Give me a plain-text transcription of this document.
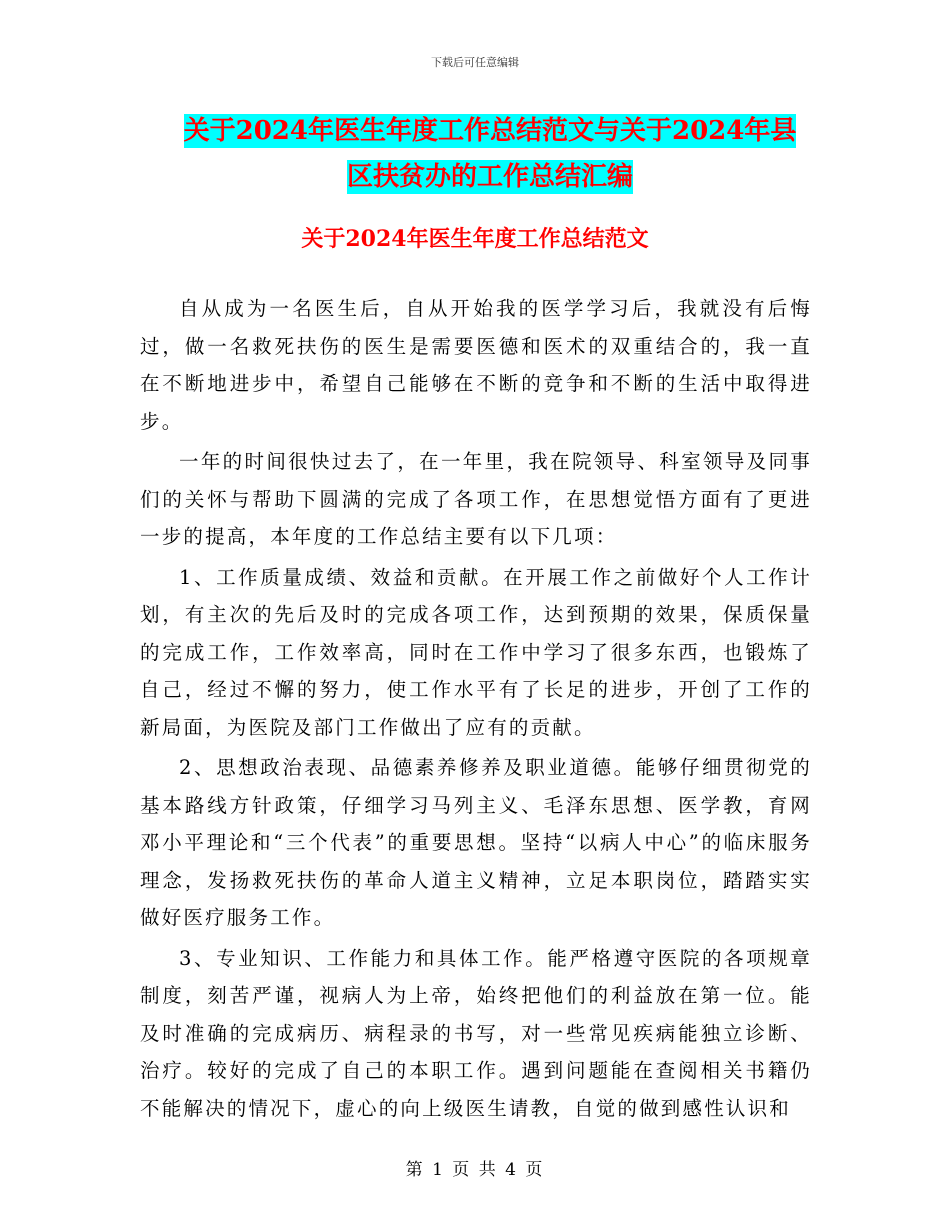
下载后可任意编辑
关于2024年医生年度工作总结范文与关于2024年县
区扶贫办的工作总结汇编
关于2024年医生年度工作总结范文

自从成为一名医生后，自从开始我的医学学习后，我就没有后悔过，做一名救死扶伤的医生是需要医德和医术的双重结合的，我一直在不断地进步中，希望自己能够在不断的竞争和不断的生活中取得进步。

一年的时间很快过去了，在一年里，我在院领导、科室领导及同事们的关怀与帮助下圆满的完成了各项工作，在思想觉悟方面有了更进一步的提高，本年度的工作总结主要有以下几项：

1、工作质量成绩、效益和贡献。在开展工作之前做好个人工作计划，有主次的先后及时的完成各项工作，达到预期的效果，保质保量的完成工作，工作效率高，同时在工作中学习了很多东西，也锻炼了自己，经过不懈的努力，使工作水平有了长足的进步，开创了工作的新局面，为医院及部门工作做出了应有的贡献。

2、思想政治表现、品德素养修养及职业道德。能够仔细贯彻党的基本路线方针政策，仔细学习马列主义、毛泽东思想、医学教，育网邓小平理论和“三个代表”的重要思想。坚持“以病人中心”的临床服务理念，发扬救死扶伤的革命人道主义精神，立足本职岗位，踏踏实实做好医疗服务工作。

3、专业知识、工作能力和具体工作。能严格遵守医院的各项规章制度，刻苦严谨，视病人为上帝，始终把他们的利益放在第一位。能及时准确的完成病历、病程录的书写，对一些常见疾病能独立诊断、治疗。较好的完成了自己的本职工作。遇到问题能在查阅相关书籍仍不能解决的情况下，虚心的向上级医生请教，自觉的做到感性认识和

第 1 页 共 4 页
